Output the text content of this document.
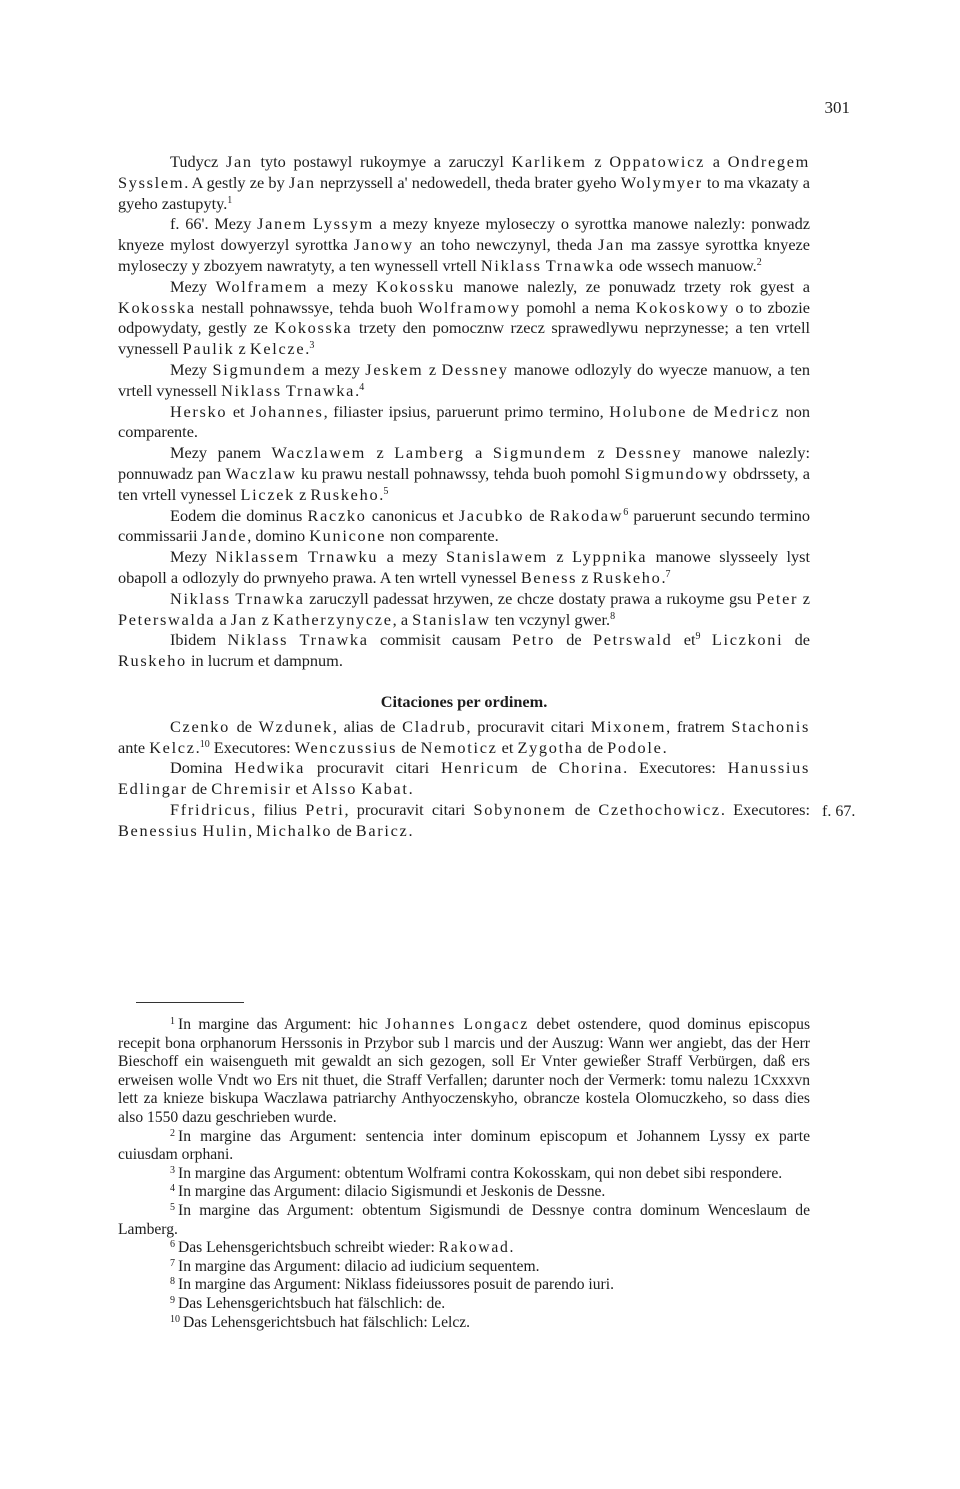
301

Tudycz Jan tyto postawyl rukoymye a zaruczyl Karlikem z Oppatowicz a Ondregem Sysslem. A gestly ze by Jan neprzyssell a' nedowedell, theda brater gyeho Wolymyer to ma vkazaty a gyeho zastupyty.$^1$

f. 66'. Mezy Janem Lyssym a mezy knyeze myloseczy o syrottka manowe nalezly: ponwadz knyeze mylost dowyerzyl syrottka Janowy an toho newczynyl, theda Jan ma zassye syrottka knyeze myloseczy y zbozyem nawratyty, a ten wynessell vrtell Niklass Trnawka ode wssech manuow.$^2$

Mezy Wolframem a mezy Kokossku manowe nalezly, ze ponuwadz trzety rok gyest a Kokosska nestall pohnawssye, tehda buoh Wolframowy pomohl a nema Kokoskowy o to zbozie odpowydaty, gestly ze Kokosska trzety den pomocznw rzecz sprawedlywu neprzynesse; a ten vrtell vynessell Paulik z Kelcze.$^3$

Mezy Sigmundem a mezy Jeskem z Dessney manowe odlozyly do wyecze manuow, a ten vrtell vynessell Niklass Trnawka.$^4$

Hersko et Johannes, filiaster ipsius, paruerunt primo termino, Holubone de Medricz non comparente.

Mezy panem Waczlawem z Lamberg a Sigmundem z Dessney manowe nalezly: ponnuwadz pan Waczlaw ku prawu nestall pohnawssy, tehda buoh pomohl Sigmundowy obdrssety, a ten vrtell vynessel Liczek z Ruskeho.$^5$

Eodem die dominus Raczko canonicus et Jacubko de Rakodaw$^6$ paruerunt secundo termino commissarii Jande, domino Kunicone non comparente.

Mezy Niklassem Trnawku a mezy Stanislawem z Lyppnika manowe slysseely lyst obapoll a odlozyly do prwnyeho prawa. A ten wrtell vynessel Beness z Ruskeho.$^7$

Niklass Trnawka zaruczyll padessat hrzywen, ze chcze dostaty prawa a rukoyme gsu Peter z Peterswalda a Jan z Katherzynycze, a Stanislaw ten vczynyl gwer.$^8$

Ibidem Niklass Trnawka commisit causam Petro de Petrswald $et^9$ Liczkoni de Ruskeho in lucrum et dampnum.

Citaciones per ordinem.

Czenko de Wzdunek, alias de Cladrub, procuravit citari Mixonem, fratrem Stachonis ante Kelcz.$^{10}$ Executores: Wenczussius de Nemoticz et Zygotha de Podole.

Domina Hedwika procuravit citari Henricum de Chorina. Executores: Hanussius Edlingar de Chremisir et Alsso Kabat.

Ffridricus, filius Petri, procuravit citari Sobynonem de Czethochowicz. Executores: Benessius Hulin, Michalko de Baricz.

f. 67.

$^1$ In margine das Argument: hic Johannes Longacz debet ostendere, quod dominus episcopus recepit bona orphanorum Herssonis in Przybor sub l marcis und der Auszug: Wann wer angiebt, das der Herr Bieschoff ein waisengueth mit gewaldt an sich gezogen, soll Er Vnter gewießer Straff Verbürgen, daß ers erweisen wolle Vndt wo Ers nit thuet, die Straff Verfallen; darunter noch der Vermerk: tomu nalezu 1Cxxxvn lett za knieze biskupa Waczlawa patriarchy Anthyoczenskyho, obrancze kostela Olomuczkeho, so dass dies also 1550 dazu geschrieben wurde.

$^2$ In margine das Argument: sentencia inter dominum episcopum et Johannem Lyssy ex parte cuiusdam orphani.

$^3$ In margine das Argument: obtentum Wolframi contra Kokosskam, qui non debet sibi respondere.

$^4$ In margine das Argument: dilacio Sigismundi et Jeskonis de Dessne.

$^5$ In margine das Argument: obtentum Sigismundi de Dessnye contra dominum Wenceslaum de Lamberg.

$^6$ Das Lehensgerichtsbuch schreibt wieder: Rakowad.

$^7$ In margine das Argument: dilacio ad iudicium sequentem.

$^8$ In margine das Argument: Niklass fideiussores posuit de parendo iuri.

$^9$ Das Lehensgerichtsbuch hat fälschlich: de.

$^{10}$ Das Lehensgerichtsbuch hat fälschlich: Lelcz.
